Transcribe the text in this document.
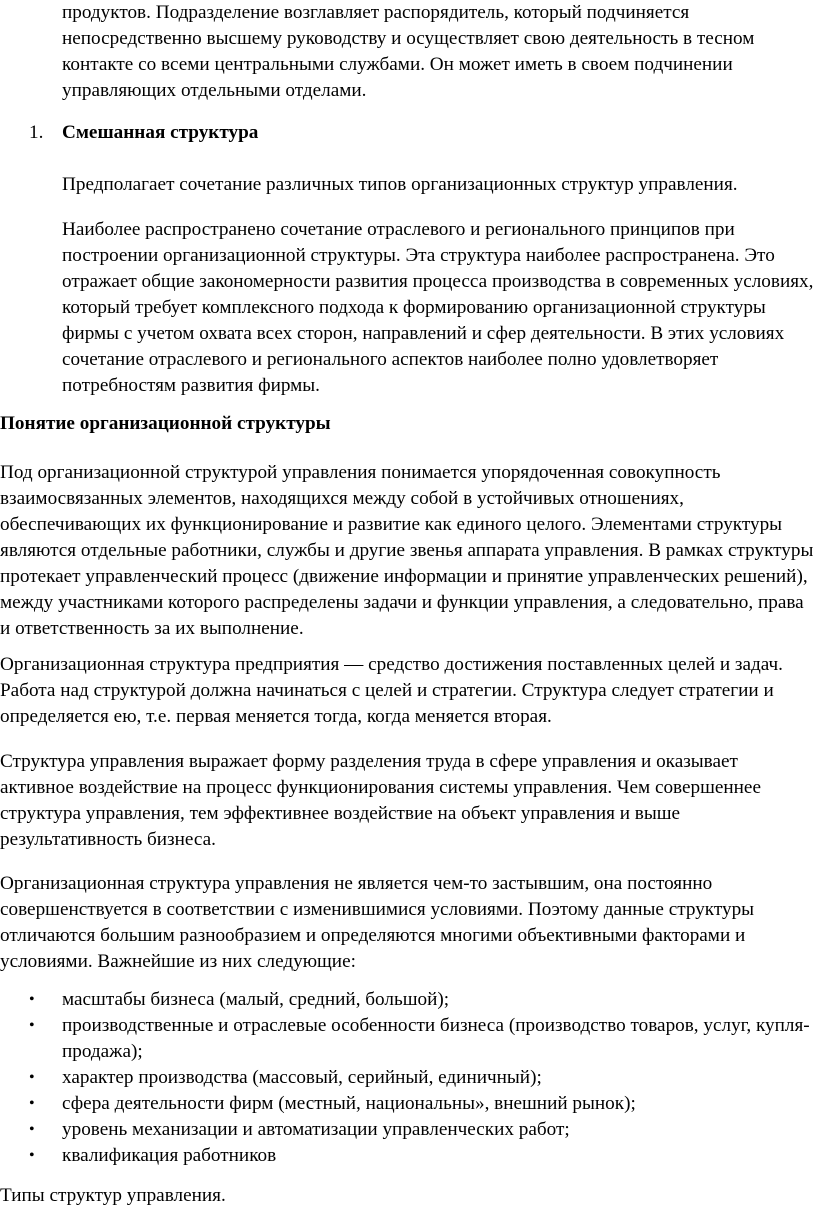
продуктов. Подразделение возглавляет распорядитель, который подчиняется непосредственно высшему руководству и осуществляет свою деятельность в тесном контакте со всеми центральными службами. Он может иметь в своем подчинении управляющих отдельными отделами.

1. Смешанная структура

Предполагает сочетание различных типов организационных структур управления.

Наиболее распространено сочетание отраслевого и регионального принципов при построении организационной структуры. Эта структура наиболее распространена. Это отражает общие закономерности развития процесса производства в современных условиях, который требует комплексного подхода к формированию организационной структуры фирмы с учетом охвата всех сторон, направлений и сфер деятельности. В этих условиях сочетание отраслевого и регионального аспектов наиболее полно удовлетворяет потребностям развития фирмы.

Понятие организационной структуры

Под организационной структурой управления понимается упорядоченная совокупность взаимосвязанных элементов, находящихся между собой в устойчивых отношениях, обеспечивающих их функционирование и развитие как единого целого. Элементами структуры являются отдельные работники, службы и другие звенья аппарата управления. В рамках структуры протекает управленческий процесс (движение информации и принятие управленческих решений), между участниками которого распределены задачи и функции управления, а следовательно, права и ответственность за их выполнение.

Организационная структура предприятия — средство достижения поставленных целей и задач. Работа над структурой должна начинаться с целей и стратегии. Структура следует стратегии и определяется ею, т.е. первая меняется тогда, когда меняется вторая.

Структура управления выражает форму разделения труда в сфере управления и оказывает активное воздействие на процесс функционирования системы управления. Чем совершеннее структура управления, тем эффективнее воздействие на объект управления и выше результативность бизнеса.

Организационная структура управления не является чем-то застывшим, она постоянно совершенствуется в соответствии с изменившимися условиями. Поэтому данные структуры отличаются большим разнообразием и определяются многими объективными факторами и условиями. Важнейшие из них следующие:

• масштабы бизнеса (малый, средний, большой);
• производственные и отраслевые особенности бизнеса (производство товаров, услуг, купля-продажа);
• характер производства (массовый, серийный, единичный);
• сфера деятельности фирм (местный, национальны», внешний рынок);
• уровень механизации и автоматизации управленческих работ;
• квалификация работников

Типы структур управления.
